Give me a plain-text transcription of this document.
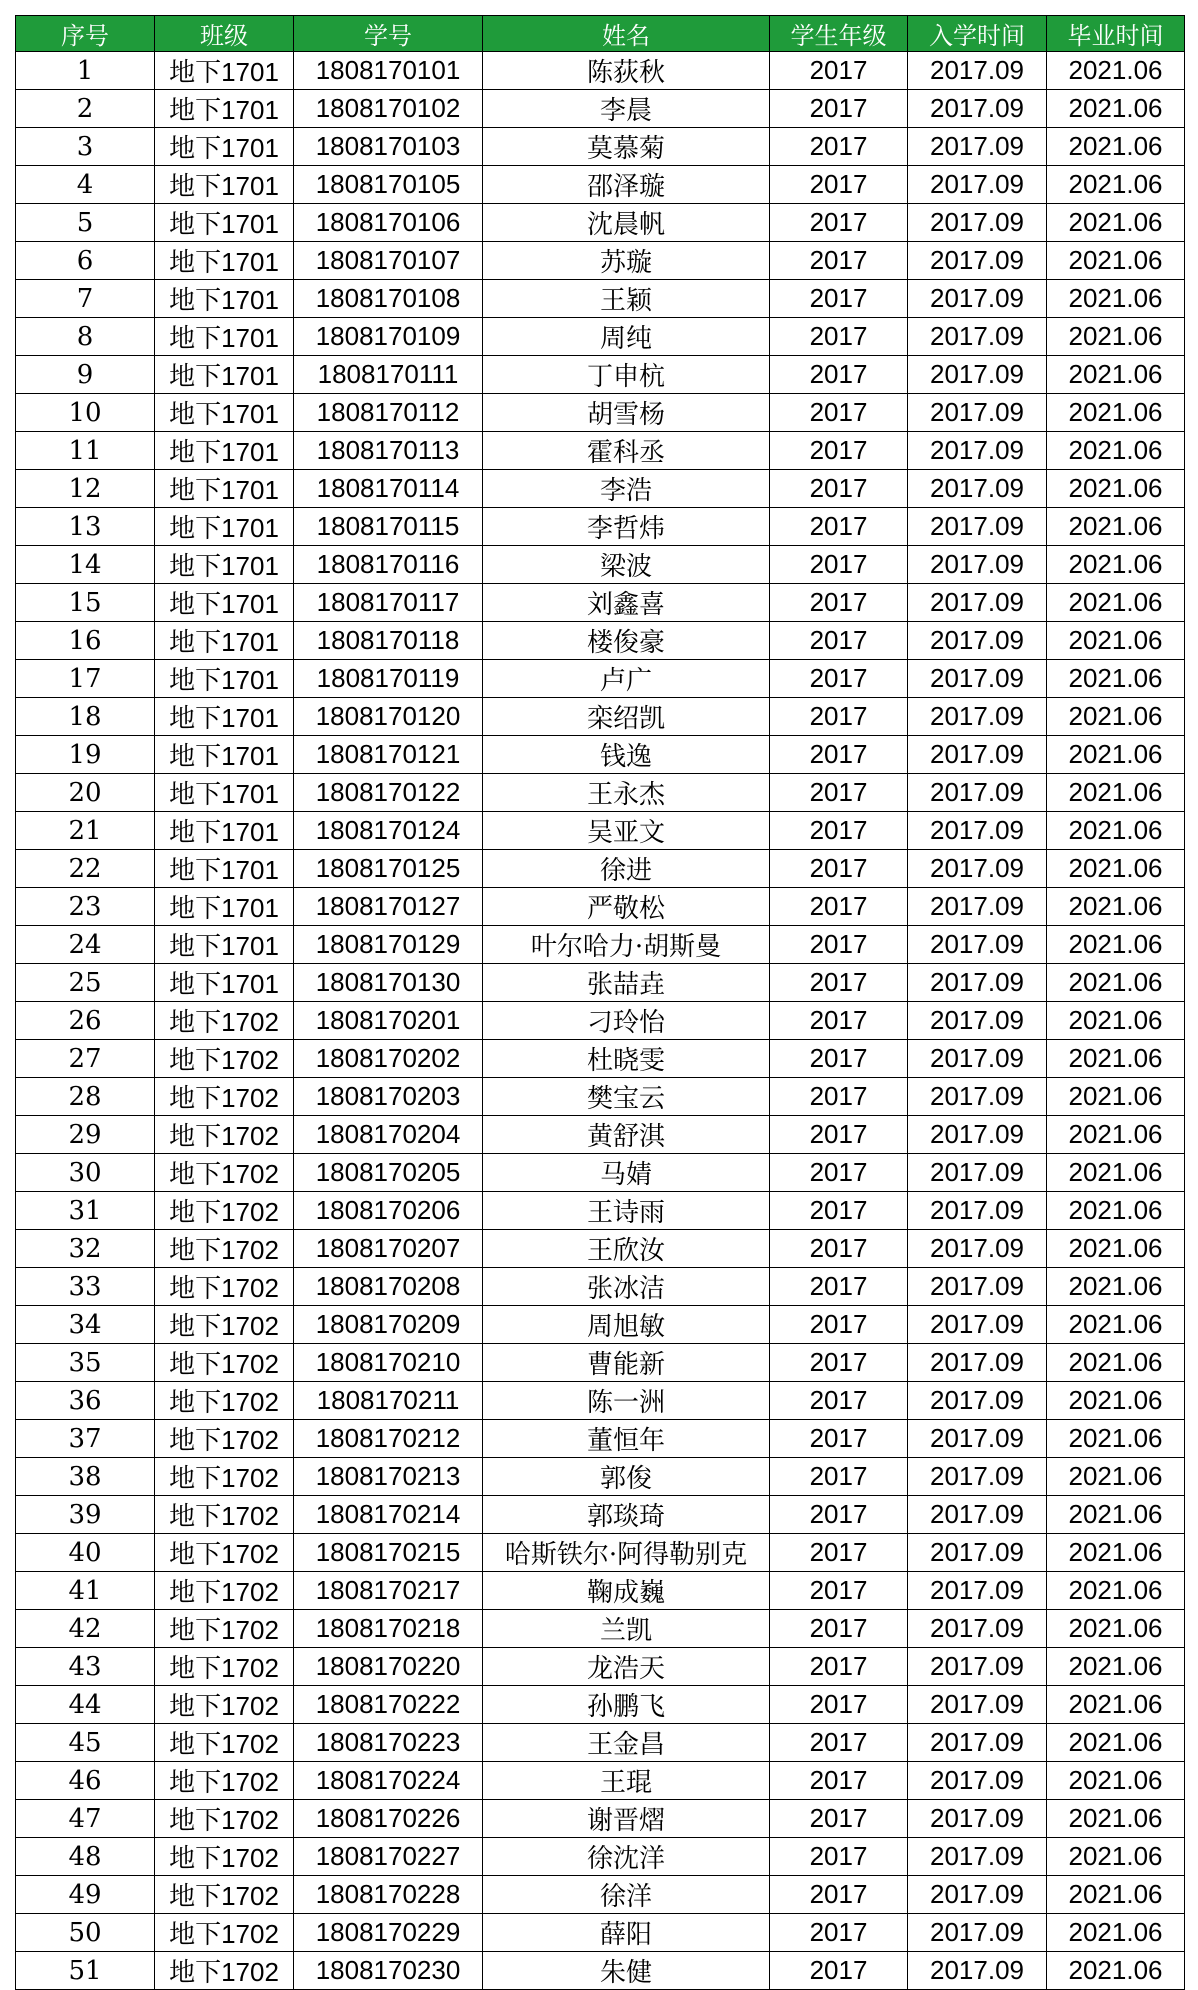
序号	班级	学号	姓名	学生年级	入学时间	毕业时间
1	地下1701	1808170101	陈荻秋	2017	2017.09	2021.06
2	地下1701	1808170102	李晨	2017	2017.09	2021.06
3	地下1701	1808170103	莫慕菊	2017	2017.09	2021.06
4	地下1701	1808170105	邵泽璇	2017	2017.09	2021.06
5	地下1701	1808170106	沈晨帆	2017	2017.09	2021.06
6	地下1701	1808170107	苏璇	2017	2017.09	2021.06
7	地下1701	1808170108	王颖	2017	2017.09	2021.06
8	地下1701	1808170109	周纯	2017	2017.09	2021.06
9	地下1701	1808170111	丁申杭	2017	2017.09	2021.06
10	地下1701	1808170112	胡雪杨	2017	2017.09	2021.06
11	地下1701	1808170113	霍科丞	2017	2017.09	2021.06
12	地下1701	1808170114	李浩	2017	2017.09	2021.06
13	地下1701	1808170115	李哲炜	2017	2017.09	2021.06
14	地下1701	1808170116	梁波	2017	2017.09	2021.06
15	地下1701	1808170117	刘鑫喜	2017	2017.09	2021.06
16	地下1701	1808170118	楼俊豪	2017	2017.09	2021.06
17	地下1701	1808170119	卢广	2017	2017.09	2021.06
18	地下1701	1808170120	栾绍凯	2017	2017.09	2021.06
19	地下1701	1808170121	钱逸	2017	2017.09	2021.06
20	地下1701	1808170122	王永杰	2017	2017.09	2021.06
21	地下1701	1808170124	吴亚文	2017	2017.09	2021.06
22	地下1701	1808170125	徐进	2017	2017.09	2021.06
23	地下1701	1808170127	严敬松	2017	2017.09	2021.06
24	地下1701	1808170129	叶尔哈力·胡斯曼	2017	2017.09	2021.06
25	地下1701	1808170130	张喆垚	2017	2017.09	2021.06
26	地下1702	1808170201	刁玲怡	2017	2017.09	2021.06
27	地下1702	1808170202	杜晓雯	2017	2017.09	2021.06
28	地下1702	1808170203	樊宝云	2017	2017.09	2021.06
29	地下1702	1808170204	黄舒淇	2017	2017.09	2021.06
30	地下1702	1808170205	马婧	2017	2017.09	2021.06
31	地下1702	1808170206	王诗雨	2017	2017.09	2021.06
32	地下1702	1808170207	王欣汝	2017	2017.09	2021.06
33	地下1702	1808170208	张冰洁	2017	2017.09	2021.06
34	地下1702	1808170209	周旭敏	2017	2017.09	2021.06
35	地下1702	1808170210	曹能新	2017	2017.09	2021.06
36	地下1702	1808170211	陈一洲	2017	2017.09	2021.06
37	地下1702	1808170212	董恒年	2017	2017.09	2021.06
38	地下1702	1808170213	郭俊	2017	2017.09	2021.06
39	地下1702	1808170214	郭琰琦	2017	2017.09	2021.06
40	地下1702	1808170215	哈斯铁尔·阿得勒别克	2017	2017.09	2021.06
41	地下1702	1808170217	鞠成巍	2017	2017.09	2021.06
42	地下1702	1808170218	兰凯	2017	2017.09	2021.06
43	地下1702	1808170220	龙浩天	2017	2017.09	2021.06
44	地下1702	1808170222	孙鹏飞	2017	2017.09	2021.06
45	地下1702	1808170223	王金昌	2017	2017.09	2021.06
46	地下1702	1808170224	王琨	2017	2017.09	2021.06
47	地下1702	1808170226	谢晋熠	2017	2017.09	2021.06
48	地下1702	1808170227	徐沈洋	2017	2017.09	2021.06
49	地下1702	1808170228	徐洋	2017	2017.09	2021.06
50	地下1702	1808170229	薛阳	2017	2017.09	2021.06
51	地下1702	1808170230	朱健	2017	2017.09	2021.06
